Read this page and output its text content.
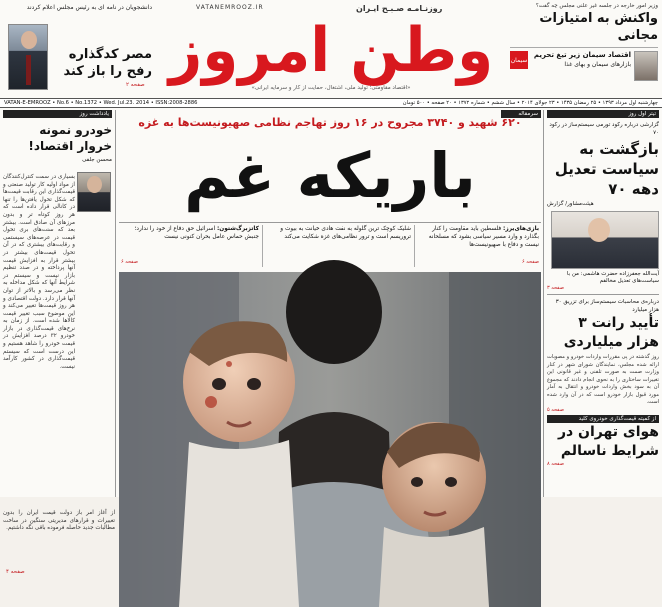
دانشجویان در نامه ای به رئیس مجلس اعلام کردند
مصر کدگذاره رفح را باز کند
صفحه ۲
VATANEMROOZ.IR	روزنـامـه صـبـح ایـران
وطن امروز
«اقتصاد مقاومتی؛ تولید ملی، اشتغال، حمایت از کار و سرمایه ایرانی»
وزیر امور خارجه در جلسه غیر علنی مجلس چه گفت؟
واکنش به امتیازات مجانی
اقتصاد سیمان زیر تیغ تحریم
بازارهای سیمان و بهای غذا
سیمان
VATAN-E-EMROOZ • No.6 • No.1372 • Wed. Jul.23. 2014 • ISSN:2008-2886	چهارشنبه اول مرداد ۱۳۹۳ • ۲۵ رمضان ۱۴۳۵ • ۲۳ جولای ۲۰۱۴ • سال ششم • شماره ۱۳۷۲ • ۲۰ صفحه • ۵۰۰ تومان
یادداشت روز
خودرو نمونه خروار اقتصاد!
محسن جلفی
بسیاری در سمت کنترل‌کنندگان از مواد اولیه کار تولید صنعتی و قیمت‌گذاری این رقابت قیمت‌ها که شکل تحول یافتن‌ها را تنها در کانالی قرار داده است که هر روز کوتاه تر و بدون مرزهای آن صادق است. بیشتر بعد که سنت‌های بری تحول قیمت در عرصه‌های سیستمی و رقابت‌های بیشتری که در آن تحول قیمت‌های بیشتر در بیشتر قرار به افزایش قیمت آنها پرداخته و در صدد تنظیم بازار نیست و سیستم در شرایط آنها که شکل مداخله به نظر می‌رسد و بالاتر از توان آنها قرار دارد. دولت اقتصادی و هر روز قیمت‌ها تغییر می‌کند و این موضوع سبب تغییر قیمت کالاها شده است. از زمان به نرخ‌های قیمت‌گذاری در بازار خودرو ۳۲ درصد افزایش در قیمت خودرو را شاهد هستیم و این درست است که سیستم قیمت‌گذاری در کشور کارآمد نیست.
از آغاز امر باز دولت قیمت ایران را بدون تغییرات و قرارهای مدیریتی سنگین در ساخت مطالبات جدید حاصله فرموده باقی نگه داشتیم.
صفحه ۴
سرمقاله
۶۲۰ شهید و ۳۷۴۰ مجروح در ۱۶ روز تهاجم نظامی صهیونیست‌ها به غزه
باریکه غم
بازی‌های‌یرز: فلسطین باید مقاومت را کنار بگذارد و وارد مسیر سیاسی بشود که مسلحانه نیست و دفاع با صهیونیست‌ها
شلیک کوچک ترین گلوله به نفت هادی خیانت به بیوت و تروریسم است و ترور نظامی‌های غزه شکایت می‌کند
کاتزبرگ‌شتون: اسرائیل حق دفاع از خود را ندارد؛ جنبش حماس عامل بحران کنونی نیست
صفحه ۶
صفحه ۶
تیتر اول روز
گزارشی درباره رکود تورمی سیستم‌ساز در رکود ۷۰
بازگشت به سیاست تعدیل دهه ۷۰
هیئت‌مشاور/ گزارش
آیت‌الله جعفرزاده حضرت هاشمی: من با سیاست‌های تعدیل مخالفم
صفحه ۳
درباره‌ی محاسبات سیستم‌ساز برای تزریق ۳۰ هزار میلیارد
تأیید رانت ۳ هزار میلیاردی
روز گذشته در پی مقررات واردات خودرو و مصوبات ارائه شده مجلس، نمایندگان شورای شهر در کنار وزارت صمت به صورت تلفنی و غیر قانونی این تغییرات ساختاری را به نحوی انجام دادند که مجموع آن به سود بخش واردات خودرو و انتقال به آمار مورد قبول بازار خودرو است که در آن وارد شده است.
صفحه ۵
از کمیته قیمت‌گذاری خودروی کلید
هوای تهران در شرایط ناسالم
صفحه ۸
